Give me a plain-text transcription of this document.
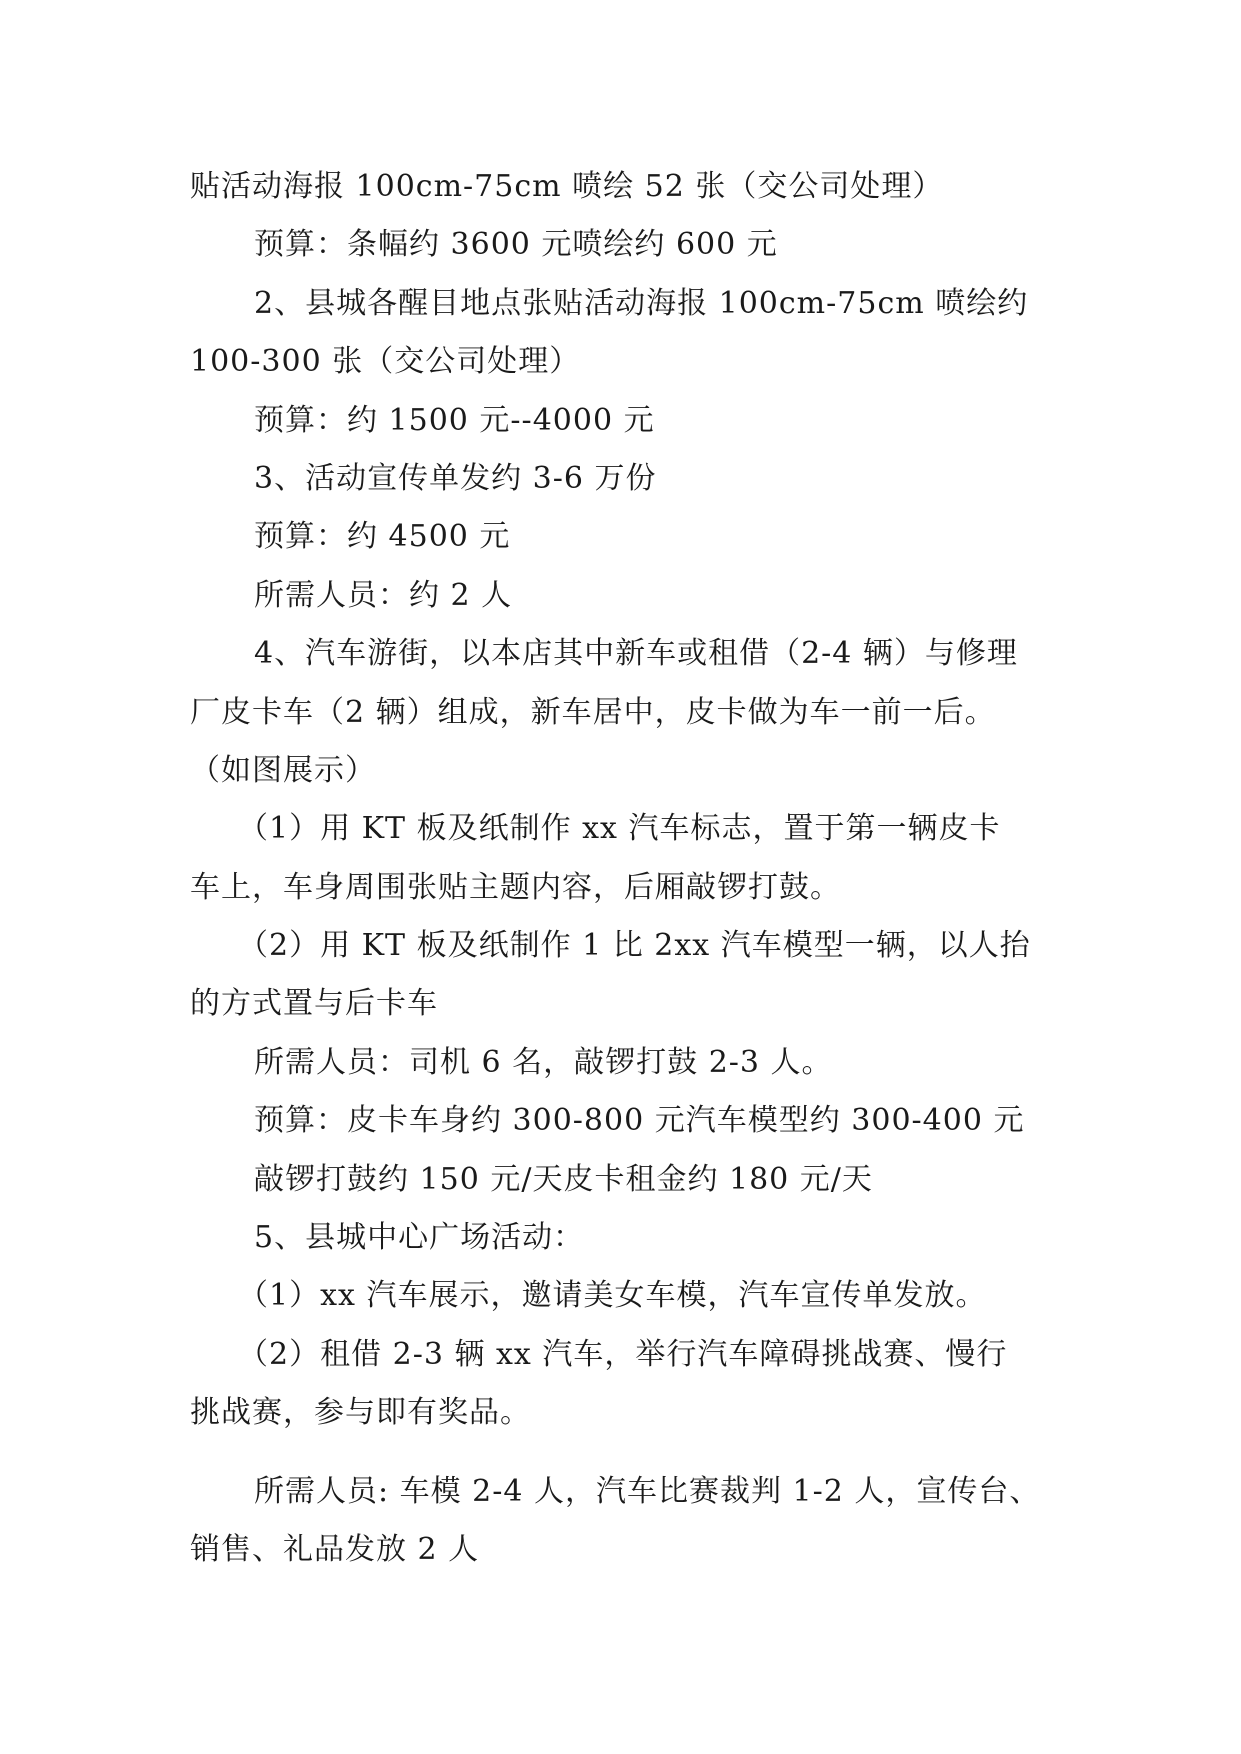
贴活动海报 100cm-75cm 喷绘 52 张（交公司处理）
预算：条幅约 3600 元喷绘约 600 元
2、县城各醒目地点张贴活动海报 100cm-75cm 喷绘约
100-300 张（交公司处理）
预算：约 1500 元--4000 元
3、活动宣传单发约 3-6 万份
预算：约 4500 元
所需人员：约 2 人
4、汽车游街，以本店其中新车或租借（2-4 辆）与修理
厂皮卡车（2 辆）组成，新车居中，皮卡做为车一前一后。
（如图展示）
（1）用 KT 板及纸制作 xx 汽车标志，置于第一辆皮卡
车上，车身周围张贴主题内容，后厢敲锣打鼓。
（2）用 KT 板及纸制作 1 比 2xx 汽车模型一辆，以人抬
的方式置与后卡车
所需人员：司机 6 名，敲锣打鼓 2-3 人。
预算：皮卡车身约 300-800 元汽车模型约 300-400 元
敲锣打鼓约 150 元/天皮卡租金约 180 元/天
5、县城中心广场活动：
（1）xx 汽车展示，邀请美女车模，汽车宣传单发放。
（2）租借 2-3 辆 xx 汽车，举行汽车障碍挑战赛、慢行
挑战赛，参与即有奖品。
所需人员: 车模 2-4 人，汽车比赛裁判 1-2 人，宣传台、
销售、礼品发放 2 人
